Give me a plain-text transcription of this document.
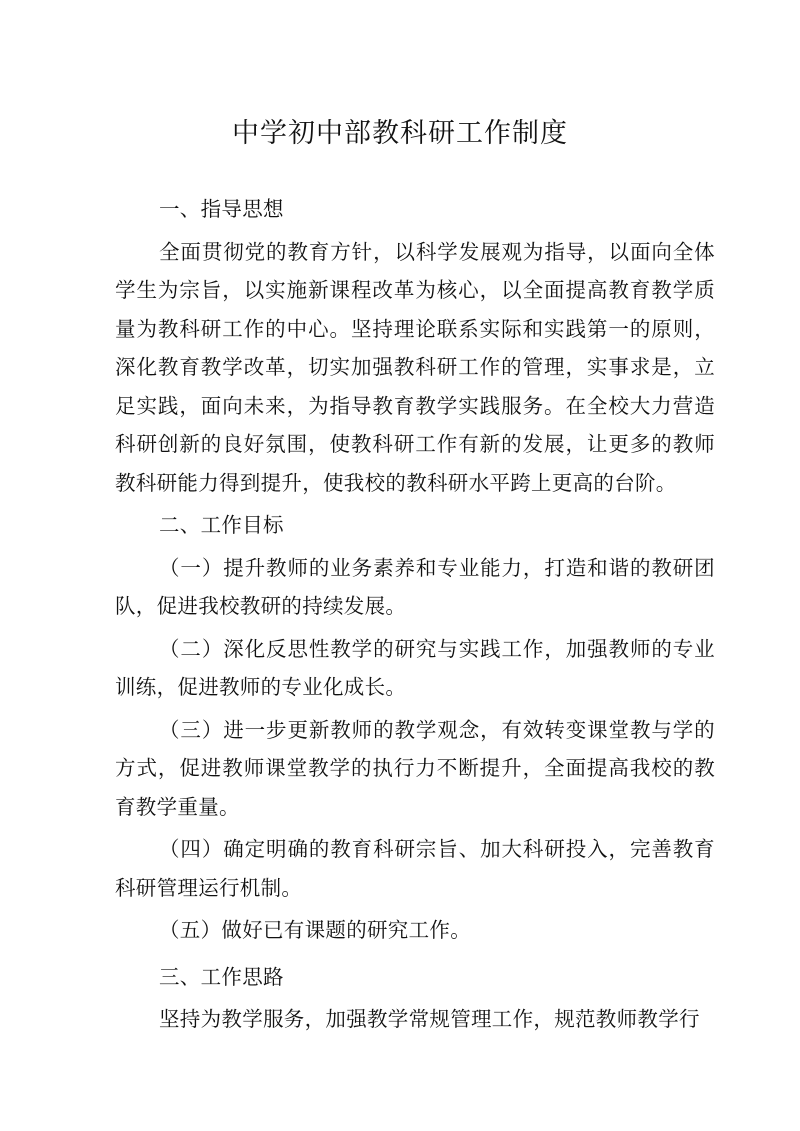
中学初中部教科研工作制度

一、指导思想

全面贯彻党的教育方针，以科学发展观为指导，以面向全体学生为宗旨，以实施新课程改革为核心，以全面提高教育教学质量为教科研工作的中心。坚持理论联系实际和实践第一的原则，深化教育教学改革，切实加强教科研工作的管理，实事求是，立足实践，面向未来，为指导教育教学实践服务。在全校大力营造科研创新的良好氛围，使教科研工作有新的发展，让更多的教师教科研能力得到提升，使我校的教科研水平跨上更高的台阶。

二、工作目标

（一）提升教师的业务素养和专业能力，打造和谐的教研团队，促进我校教研的持续发展。

（二）深化反思性教学的研究与实践工作，加强教师的专业训练，促进教师的专业化成长。

（三）进一步更新教师的教学观念，有效转变课堂教与学的方式，促进教师课堂教学的执行力不断提升，全面提高我校的教育教学重量。

（四）确定明确的教育科研宗旨、加大科研投入，完善教育科研管理运行机制。

（五）做好已有课题的研究工作。

三、工作思路

坚持为教学服务，加强教学常规管理工作，规范教师教学行
